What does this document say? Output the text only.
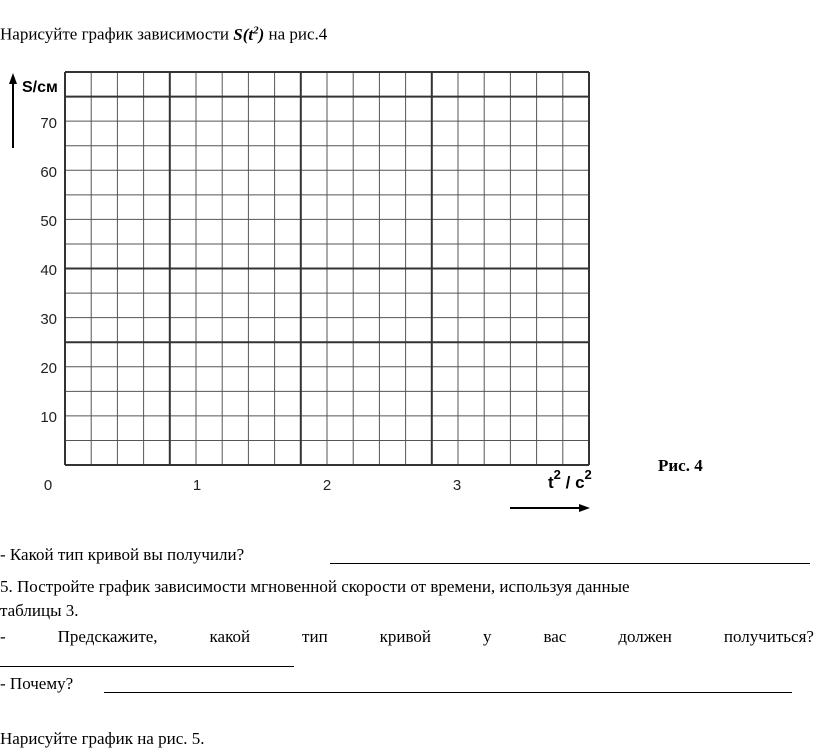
Нарисуйте график зависимости $S(t^2)$ на рис.4
S/см
10
20
30
40
50
60
70
0	1	2	3	$t^2 / с^2$	Рис. 4
- Какой тип кривой вы получили?
5. Постройте график зависимости мгновенной скорости от времени, используя данные
таблицы 3.
-	Предскажите,	какой	тип	кривой	у	вас	должен	получиться?
- Почему?
Нарисуйте график на рис. 5.
